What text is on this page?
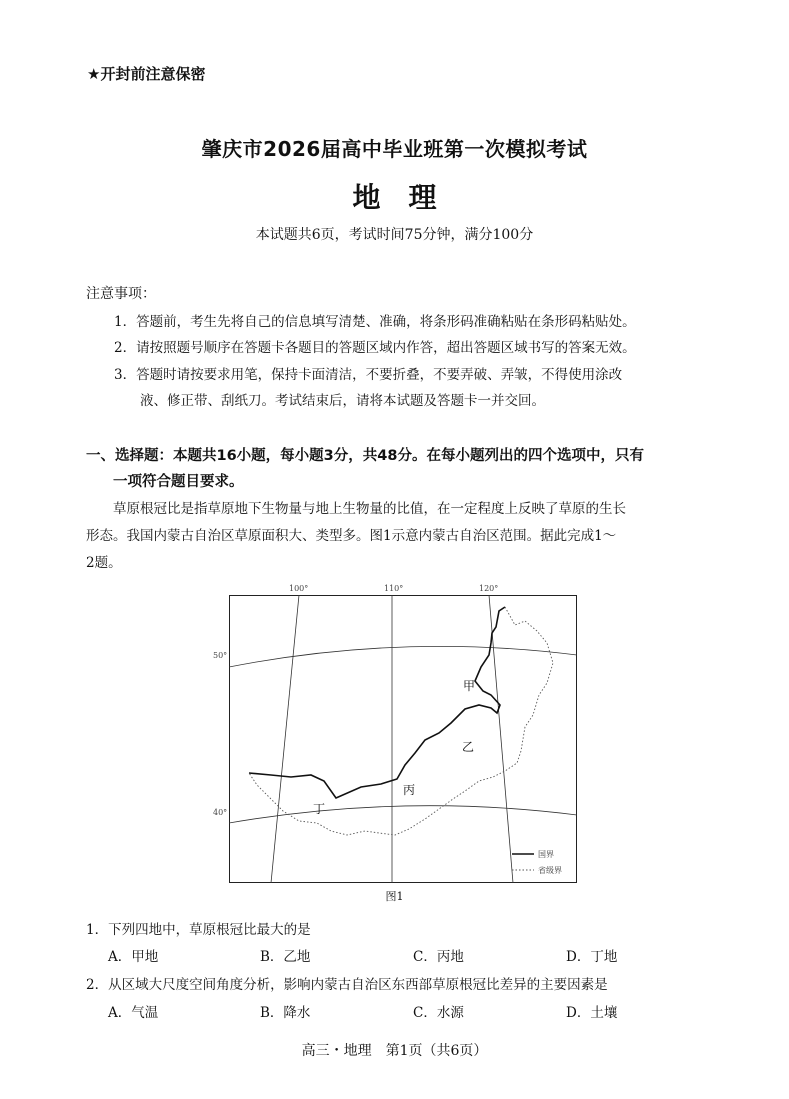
★开封前注意保密
肇庆市2026届高中毕业班第一次模拟考试
地理
本试题共6页，考试时间75分钟，满分100分
注意事项：
1．答题前，考生先将自己的信息填写清楚、准确，将条形码准确粘贴在条形码粘贴处。
2．请按照题号顺序在答题卡各题目的答题区域内作答，超出答题区域书写的答案无效。
3．答题时请按要求用笔，保持卡面清洁，不要折叠，不要弄破、弄皱，不得使用涂改
液、修正带、刮纸刀。考试结束后，请将本试题及答题卡一并交回。
一、选择题：本题共16小题，每小题3分，共48分。在每小题列出的四个选项中，只有
一项符合题目要求。
草原根冠比是指草原地下生物量与地上生物量的比值，在一定程度上反映了草原的生长
形态。我国内蒙古自治区草原面积大、类型多。图1示意内蒙古自治区范围。据此完成1～
2题。
100°	110°	120°
50°
40°
甲
乙
丙
丁
国界
省级界
图1
1．下列四地中，草原根冠比最大的是
A．甲地	B．乙地	C．丙地	D．丁地
2．从区域大尺度空间角度分析，影响内蒙古自治区东西部草原根冠比差异的主要因素是
A．气温	B．降水	C．水源	D．土壤
高三・地理　第1页（共6页）
